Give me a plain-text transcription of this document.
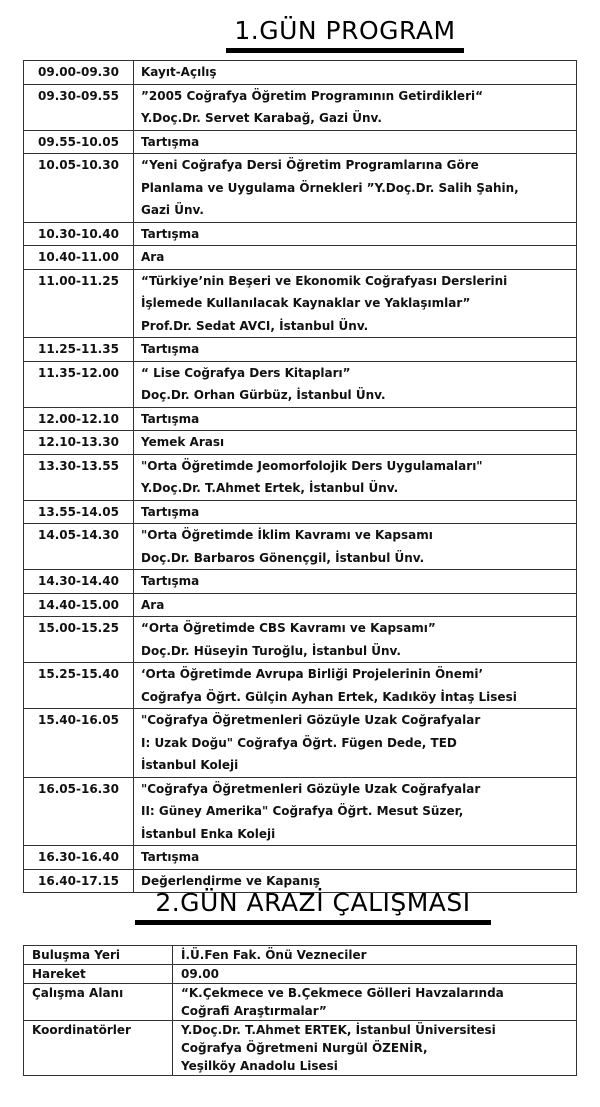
1.GÜN PROGRAM
09.00-09.30	Kayıt-Açılış

09.30-09.55	”2005 Coğrafya Öğretim Programının Getirdikleri“
Y.Doç.Dr. Servet Karabağ, Gazi Ünv.

09.55-10.05	Tartışma

10.05-10.30	“Yeni Coğrafya Dersi Öğretim Programlarına Göre
Planlama ve Uygulama Örnekleri ”Y.Doç.Dr. Salih Şahin,
Gazi Ünv.

10.30-10.40	Tartışma

10.40-11.00	Ara

11.00-11.25	“Türkiye’nin Beşeri ve Ekonomik Coğrafyası Derslerini
İşlemede Kullanılacak Kaynaklar ve Yaklaşımlar”
Prof.Dr. Sedat AVCI, İstanbul Ünv.

11.25-11.35	Tartışma

11.35-12.00	“ Lise Coğrafya Ders Kitapları”
Doç.Dr. Orhan Gürbüz, İstanbul Ünv.

12.00-12.10	Tartışma

12.10-13.30	Yemek Arası

13.30-13.55	"Orta Öğretimde Jeomorfolojik Ders Uygulamaları"
Y.Doç.Dr. T.Ahmet Ertek, İstanbul Ünv.

13.55-14.05	Tartışma

14.05-14.30	"Orta Öğretimde İklim Kavramı ve Kapsamı
Doç.Dr. Barbaros Gönençgil, İstanbul Ünv.

14.30-14.40	Tartışma

14.40-15.00	Ara

15.00-15.25	“Orta Öğretimde CBS Kavramı ve Kapsamı”
Doç.Dr. Hüseyin Turoğlu, İstanbul Ünv.

15.25-15.40	‘Orta Öğretimde Avrupa Birliği Projelerinin Önemi’
Coğrafya Öğrt. Gülçin Ayhan Ertek, Kadıköy İntaş Lisesi

15.40-16.05	"Coğrafya Öğretmenleri Gözüyle Uzak Coğrafyalar
I: Uzak Doğu" Coğrafya Öğrt. Fügen Dede, TED
İstanbul Koleji

16.05-16.30	"Coğrafya Öğretmenleri Gözüyle Uzak Coğrafyalar
II: Güney Amerika" Coğrafya Öğrt. Mesut Süzer,
İstanbul Enka Koleji

16.30-16.40	Tartışma

16.40-17.15	Değerlendirme ve Kapanış
2.GÜN ARAZİ ÇALIŞMASI
Buluşma Yeri	İ.Ü.Fen Fak. Önü Vezneciler

Hareket	09.00

Çalışma Alanı	“K.Çekmece ve B.Çekmece Gölleri Havzalarında
Coğrafi Araştırmalar”

Koordinatörler	Y.Doç.Dr. T.Ahmet ERTEK, İstanbul Üniversitesi
Coğrafya Öğretmeni Nurgül ÖZENİR,
Yeşilköy Anadolu Lisesi
